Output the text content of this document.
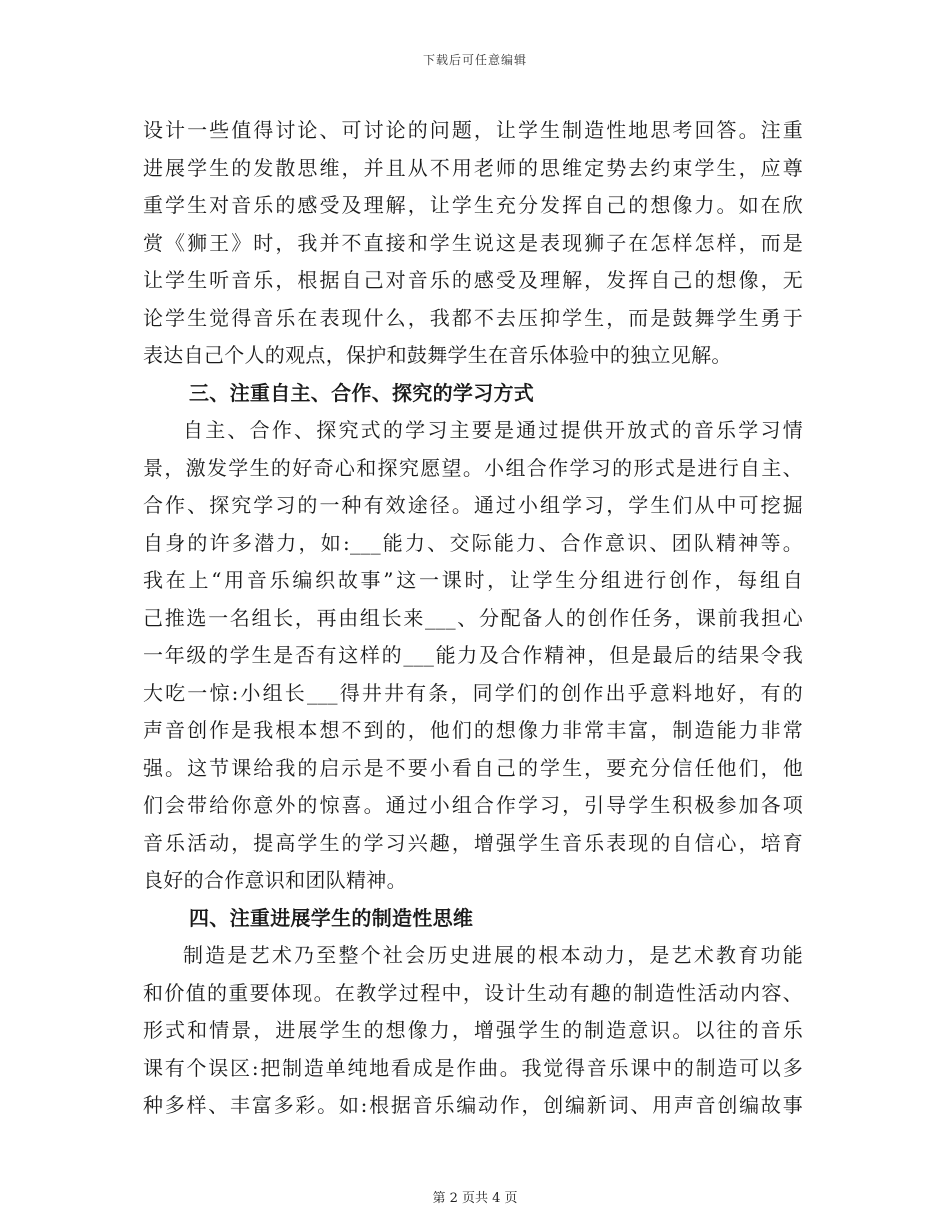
下载后可任意编辑
设计一些值得讨论、可讨论的问题，让学生制造性地思考回答。注重
进展学生的发散思维，并且从不用老师的思维定势去约束学生，应尊
重学生对音乐的感受及理解，让学生充分发挥自己的想像力。如在欣
赏《狮王》时，我并不直接和学生说这是表现狮子在怎样怎样，而是
让学生听音乐，根据自己对音乐的感受及理解，发挥自己的想像，无
论学生觉得音乐在表现什么，我都不去压抑学生，而是鼓舞学生勇于
表达自己个人的观点，保护和鼓舞学生在音乐体验中的独立见解。
三、注重自主、合作、探究的学习方式
自主、合作、探究式的学习主要是通过提供开放式的音乐学习情
景，激发学生的好奇心和探究愿望。小组合作学习的形式是进行自主、
合作、探究学习的一种有效途径。通过小组学习，学生们从中可挖掘
自身的许多潜力，如:___能力、交际能力、合作意识、团队精神等。
我在上“用音乐编织故事”这一课时，让学生分组进行创作，每组自
己推选一名组长，再由组长来___、分配备人的创作任务，课前我担心
一年级的学生是否有这样的___能力及合作精神，但是最后的结果令我
大吃一惊:小组长___得井井有条，同学们的创作出乎意料地好，有的
声音创作是我根本想不到的，他们的想像力非常丰富，制造能力非常
强。这节课给我的启示是不要小看自己的学生，要充分信任他们，他
们会带给你意外的惊喜。通过小组合作学习，引导学生积极参加各项
音乐活动，提高学生的学习兴趣，增强学生音乐表现的自信心，培育
良好的合作意识和团队精神。
四、注重进展学生的制造性思维
制造是艺术乃至整个社会历史进展的根本动力，是艺术教育功能
和价值的重要体现。在教学过程中，设计生动有趣的制造性活动内容、
形式和情景，进展学生的想像力，增强学生的制造意识。以往的音乐
课有个误区:把制造单纯地看成是作曲。我觉得音乐课中的制造可以多
种多样、丰富多彩。如:根据音乐编动作，创编新词、用声音创编故事
第 2 页共 4 页
